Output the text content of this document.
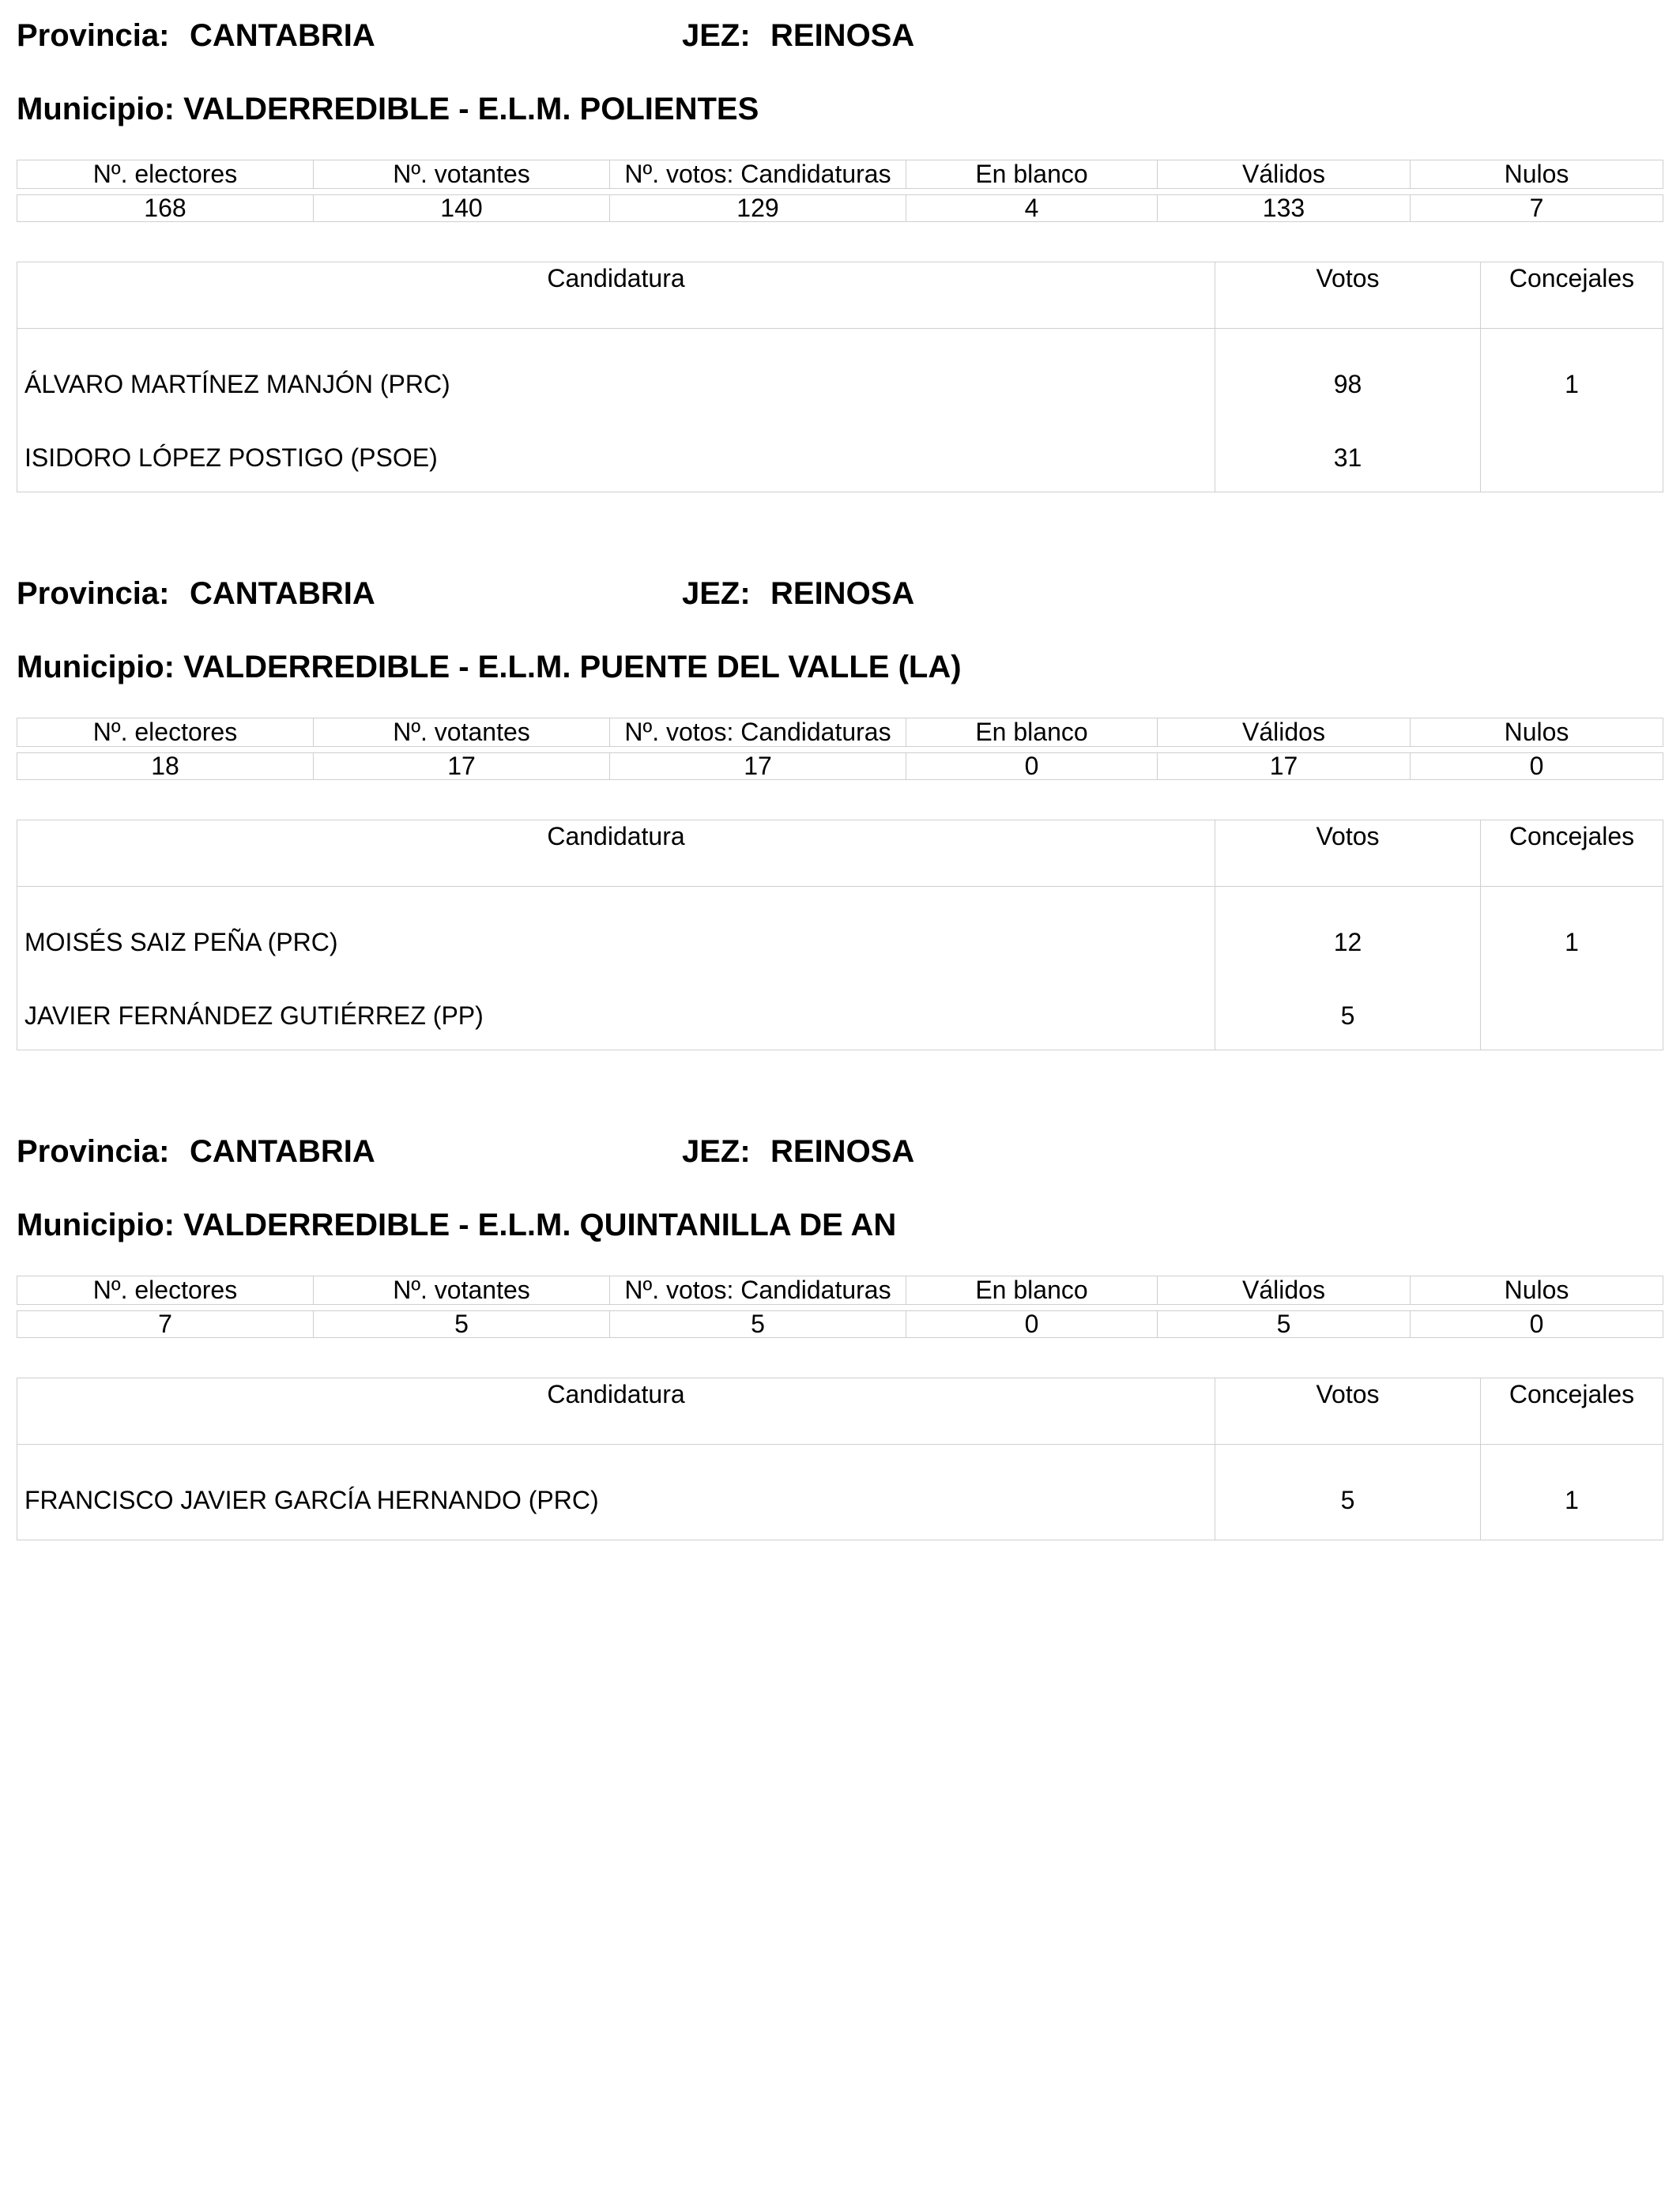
Provincia: CANTABRIA	JEZ: REINOSA
Municipio: VALDERREDIBLE - E.L.M. POLIENTES
Nº. electores	Nº. votantes	Nº. votos: Candidaturas	En blanco	Válidos	Nulos

168	140	129	4	133	7
Candidatura	Votos	Concejales
ÁLVARO MARTÍNEZ MANJÓN (PRC)	98	1
ISIDORO LÓPEZ POSTIGO (PSOE)	31	
Provincia: CANTABRIA	JEZ: REINOSA
Municipio: VALDERREDIBLE - E.L.M. PUENTE DEL VALLE (LA)
Nº. electores	Nº. votantes	Nº. votos: Candidaturas	En blanco	Válidos	Nulos

18	17	17	0	17	0
Candidatura	Votos	Concejales
MOISÉS SAIZ PEÑA (PRC)	12	1
JAVIER FERNÁNDEZ GUTIÉRREZ (PP)	5	
Provincia: CANTABRIA	JEZ: REINOSA
Municipio: VALDERREDIBLE - E.L.M. QUINTANILLA DE AN
Nº. electores	Nº. votantes	Nº. votos: Candidaturas	En blanco	Válidos	Nulos

7	5	5	0	5	0
Candidatura	Votos	Concejales
FRANCISCO JAVIER GARCÍA HERNANDO (PRC)	5	1
